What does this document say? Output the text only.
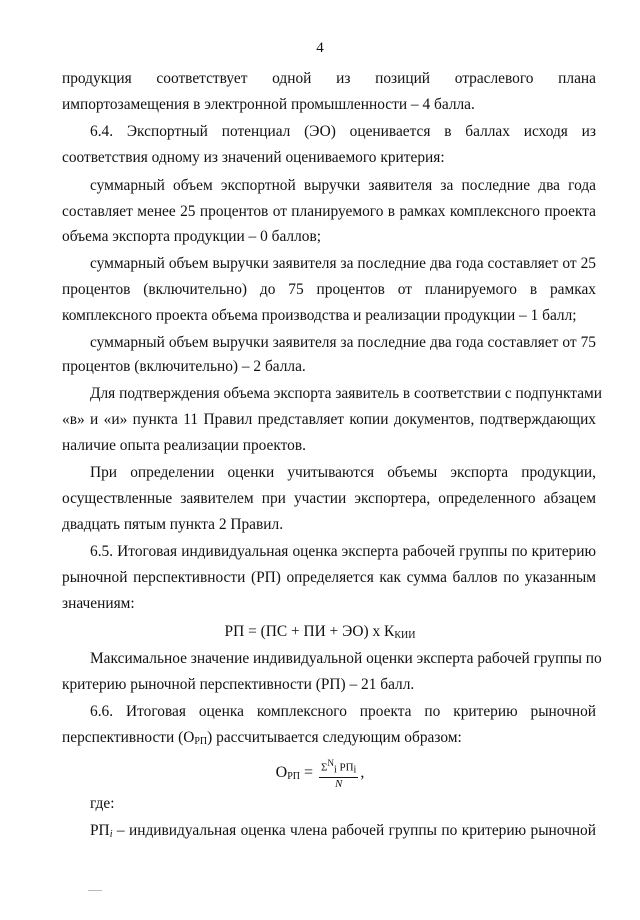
4
продукция соответствует одной из позиций отраслевого плана
импортозамещения в электронной промышленности – 4 балла.
6.4. Экспортный потенциал (ЭО) оценивается в баллах исходя из
соответствия одному из значений оцениваемого критерия:
суммарный объем экспортной выручки заявителя за последние два года
составляет менее 25 процентов от планируемого в рамках комплексного проекта
объема экспорта продукции – 0 баллов;
суммарный объем выручки заявителя за последние два года составляет от 25
процентов (включительно) до 75 процентов от планируемого в рамках
комплексного проекта объема производства и реализации продукции – 1 балл;
суммарный объем выручки заявителя за последние два года составляет от 75
процентов (включительно) – 2 балла.
Для подтверждения объема экспорта заявитель в соответствии с подпунктами
«в» и «и» пункта 11 Правил представляет копии документов, подтверждающих
наличие опыта реализации проектов.
При определении оценки учитываются объемы экспорта продукции,
осуществленные заявителем при участии экспортера, определенного абзацем
двадцать пятым пункта 2 Правил.
6.5. Итоговая индивидуальная оценка эксперта рабочей группы по критерию
рыночной перспективности (РП) определяется как сумма баллов по указанным
значениям:
РП = (ПС + ПИ + ЭО) х $К_{КИИ}$
Максимальное значение индивидуальной оценки эксперта рабочей группы по
критерию рыночной перспективности (РП) – 21 балл.
6.6. Итоговая оценка комплексного проекта по критерию рыночной
перспективности $(О_{РП})$ рассчитывается следующим образом:
$О_{РП} = \frac{\Sigma^N_i РП_i}{N}$ ,
где:
$РП_i$ – индивидуальная оценка члена рабочей группы по критерию рыночной
